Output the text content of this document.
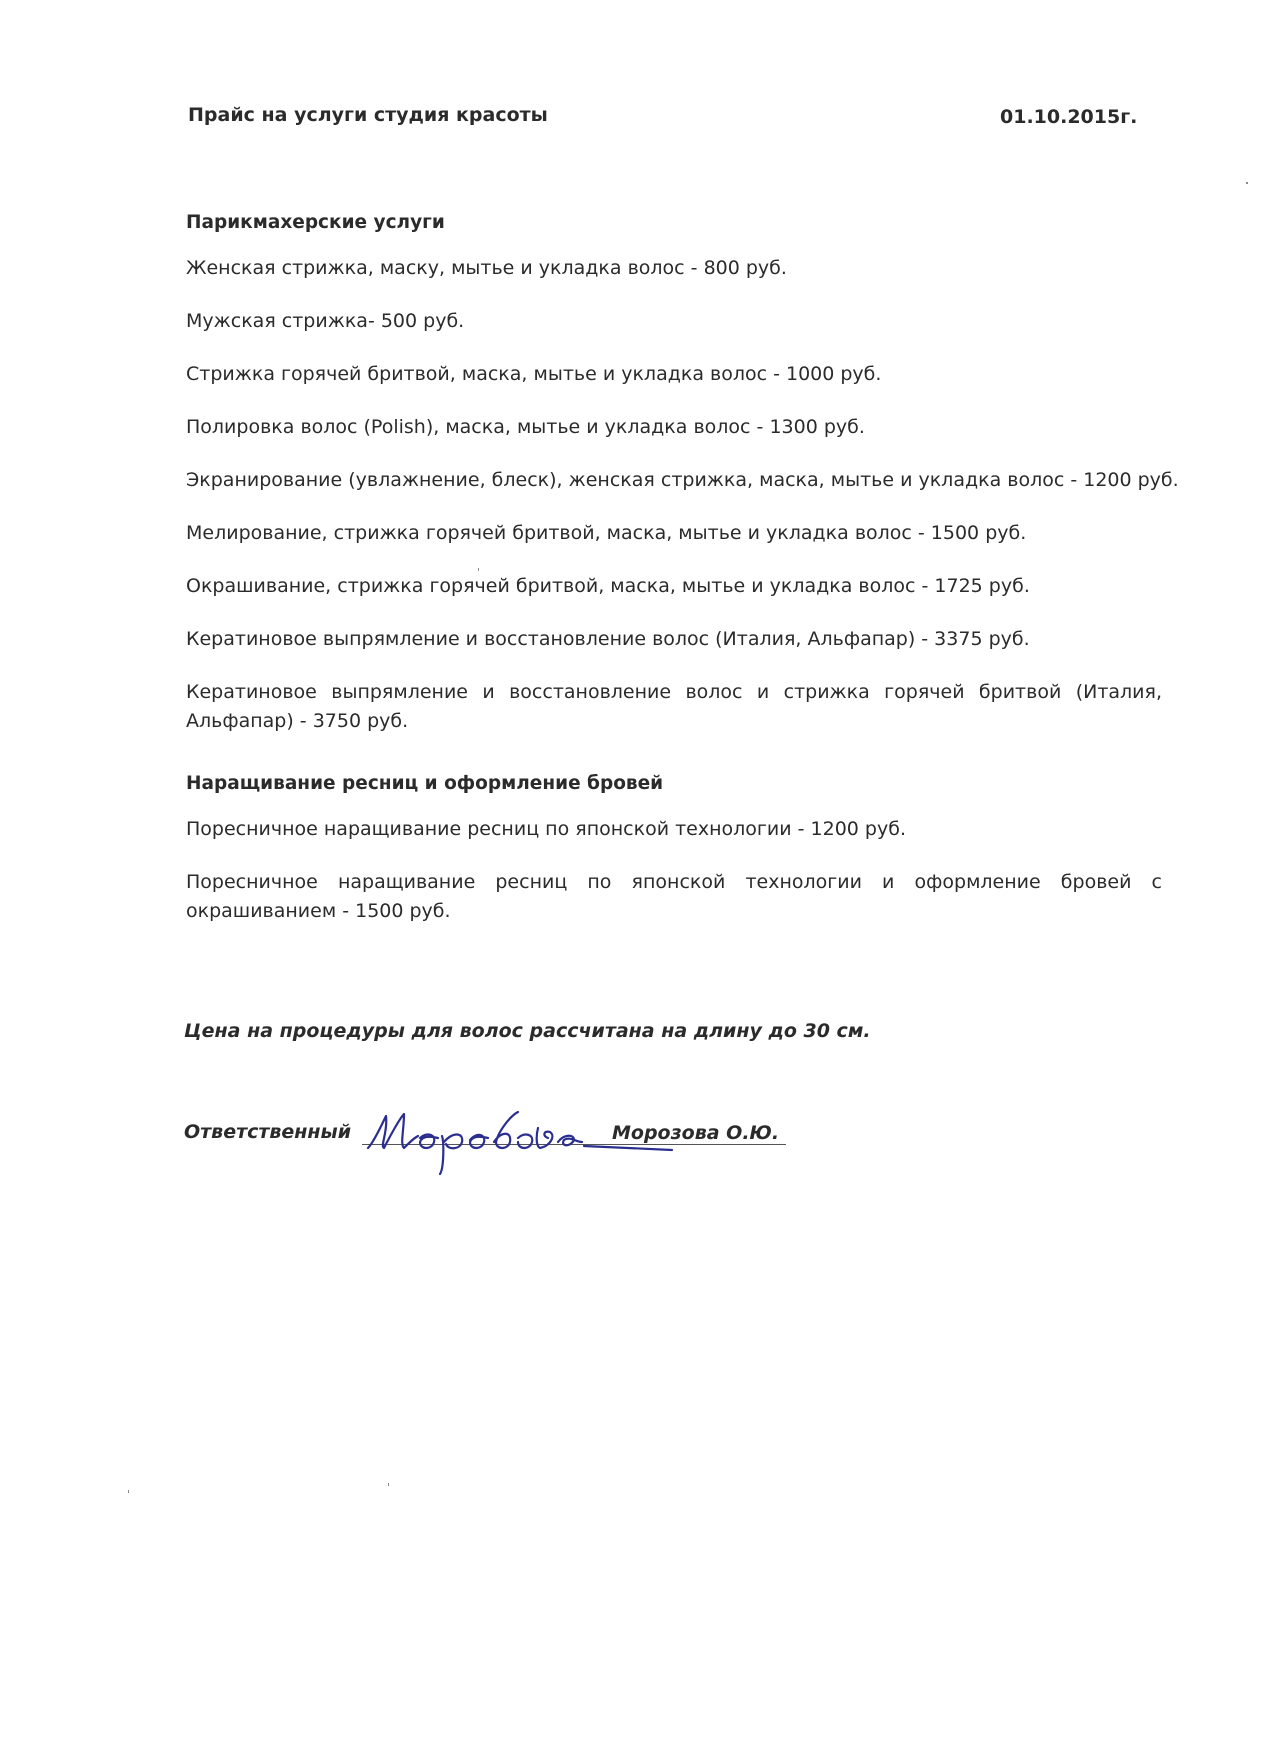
Прайс на услуги студия красоты	01.10.2015г.

Парикмахерские услуги

Женская стрижка, маску, мытье и укладка волос - 800 руб.

Мужская стрижка- 500 руб.

Стрижка горячей бритвой, маска, мытье и укладка волос - 1000 руб.

Полировка волос (Polish), маска, мытье и укладка волос - 1300 руб.

Экранирование (увлажнение, блеск), женская стрижка, маска, мытье и укладка волос - 1200 руб.

Мелирование, стрижка горячей бритвой, маска, мытье и укладка волос - 1500 руб.

Окрашивание, стрижка горячей бритвой, маска, мытье и укладка волос - 1725 руб.

Кератиновое выпрямление и восстановление волос (Италия, Альфапар) - 3375 руб.

Кератиновое выпрямление и восстановление волос и стрижка горячей бритвой (Италия, Альфапар) - 3750 руб.

Наращивание ресниц и оформление бровей

Поресничное наращивание ресниц по японской технологии - 1200 руб.

Поресничное наращивание ресниц по японской технологии и оформление бровей с окрашиванием - 1500 руб.

Цена на процедуры для волос рассчитана на длину до 30 см.
Ответственный	Морозова О.Ю.
